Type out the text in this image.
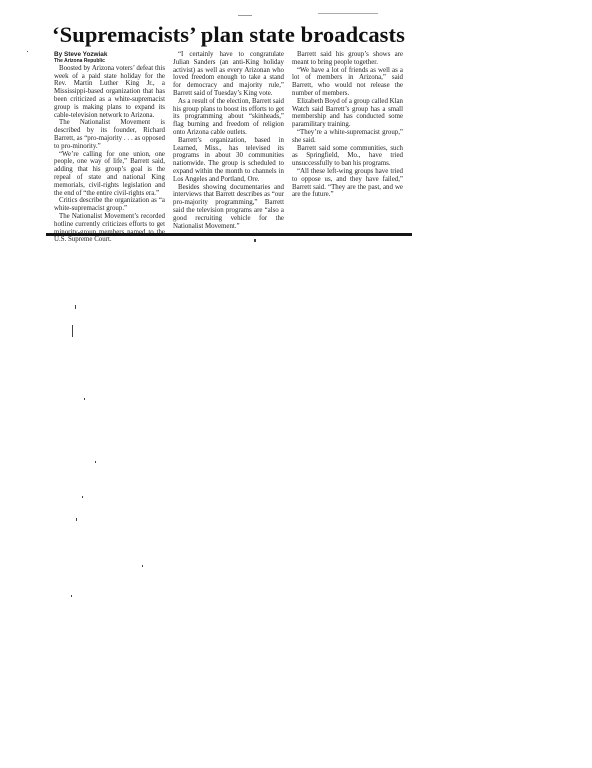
‘Supremacists’ plan state broadcasts

By Steve Yozwiak

The Arizona Republic

Boosted by Arizona voters’ defeat this week of a paid state holiday for the Rev. Martin Luther King Jr., a Mississippi-based organization that has been criticized as a white-supremacist group is making plans to expand its cable-television network to Arizona.

The Nationalist Movement is described by its founder, Richard Barrett, as “pro-majority . . . as opposed to pro-minority.”

“We’re calling for one union, one people, one way of life,” Barrett said, adding that his group’s goal is the repeal of state and national King memorials, civil-rights legislation and the end of “the entire civil-rights era.”

Critics describe the organization as “a white-supremacist group.”

The Nationalist Movement’s recorded hotline currently criticizes efforts to get U.S. Supreme Court.

“I certainly have to congratulate Julian Sanders (an anti-King holiday activist) as well as every Arizonan who loved freedom enough to take a stand for democracy and majority rule,” Barrett said of Tuesday’s King vote.

As a result of the election, Barrett said his group plans to boost its efforts to get its programming about “skinheads,” flag burning and freedom of religion onto Arizona cable outlets.

Barrett’s organization, based in Learned, Miss., has televised its programs in about 30 communities nationwide. The group is scheduled to expand within the month to channels in Los Angeles and Portland, Ore.

Besides showing documentaries and interviews that Barrett describes as “our pro-majority programming,” Barrett said the television programs are “also a good recruiting vehicle for the Nationalist Movement.”

Barrett said his group’s shows are meant to bring people together.

“We have a lot of friends as well as a lot of members in Arizona,” said Barrett, who would not release the number of members.

Elizabeth Boyd of a group called Klan Watch said Barrett’s group has a small membership and has conducted some paramilitary training.

“They’re a white-supremacist group,” she said.

Barrett said some communities, such as Springfield, Mo., have tried unsuccessfully to ban his programs.

“All these left-wing groups have tried to oppose us, and they have failed,” Barrett said. “They are the past, and we are the future.”
